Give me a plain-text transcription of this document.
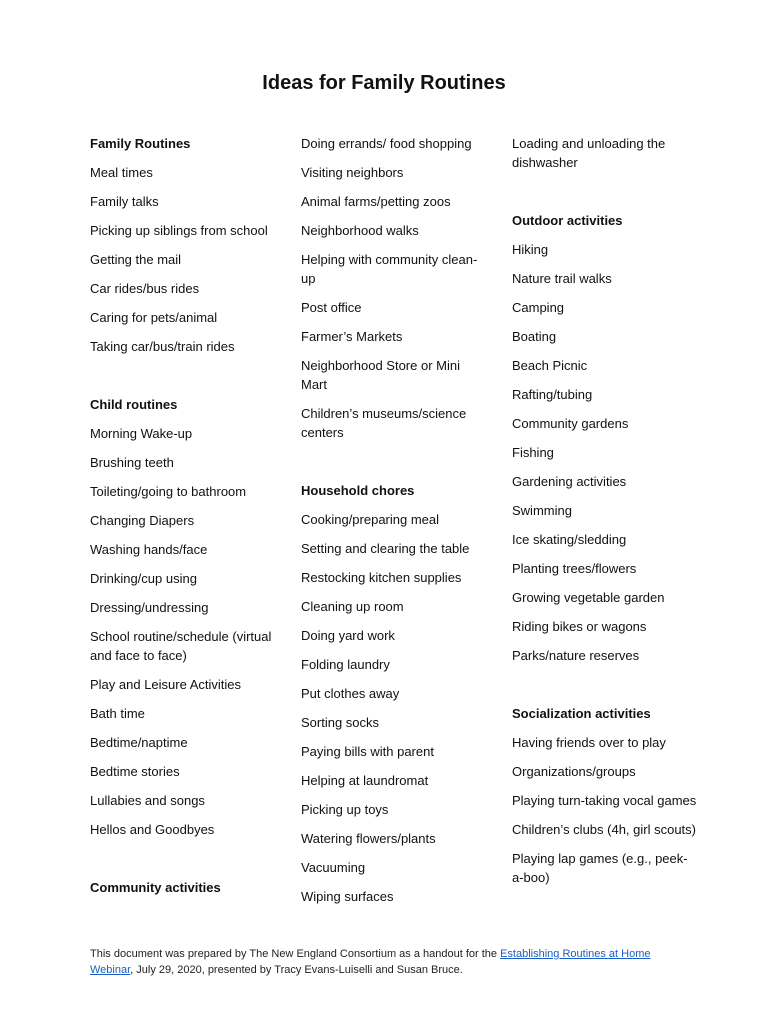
Ideas for Family Routines
Family Routines
Meal times
Family talks
Picking up siblings from school
Getting the mail
Car rides/bus rides
Caring for pets/animal
Taking car/bus/train rides
Child routines
Morning Wake-up
Brushing teeth
Toileting/going to bathroom
Changing Diapers
Washing hands/face
Drinking/cup using
Dressing/undressing
School routine/schedule (virtual and face to face)
Play and Leisure Activities
Bath time
Bedtime/naptime
Bedtime stories
Lullabies and songs
Hellos and Goodbyes
Community activities
Doing errands/ food shopping
Visiting neighbors
Animal farms/petting zoos
Neighborhood walks
Helping with community clean-up
Post office
Farmer’s Markets
Neighborhood Store or Mini Mart
Children’s museums/science centers
Household chores
Cooking/preparing meal
Setting and clearing the table
Restocking kitchen supplies
Cleaning up room
Doing yard work
Folding laundry
Put clothes away
Sorting socks
Paying bills with parent
Helping at laundromat
Picking up toys
Watering flowers/plants
Vacuuming
Wiping surfaces
Loading and unloading the dishwasher
Outdoor activities
Hiking
Nature trail walks
Camping
Boating
Beach Picnic
Rafting/tubing
Community gardens
Fishing
Gardening activities
Swimming
Ice skating/sledding
Planting trees/flowers
Growing vegetable garden
Riding bikes or wagons
Parks/nature reserves
Socialization activities
Having friends over to play
Organizations/groups
Playing turn-taking vocal games
Children’s clubs (4h, girl scouts)
Playing lap games (e.g., peek-a-boo)
This document was prepared by The New England Consortium as a handout for the Establishing Routines at Home Webinar, July 29, 2020, presented by Tracy Evans-Luiselli and Susan Bruce.
